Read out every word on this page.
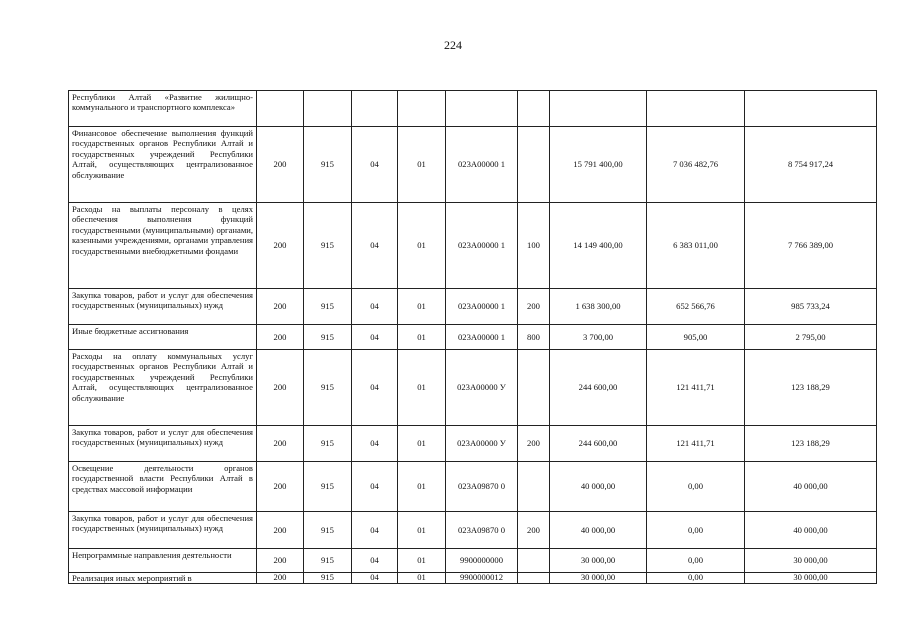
224
Республики Алтай «Развитие жилищно-коммунального и транспортного комплекса»									
Финансовое обеспечение выполнения функций государственных органов Республики Алтай и государственных учреждений Республики Алтай, осуществляющих централизованное обслуживание	200	915	04	01	023А00000 1		15 791 400,00	7 036 482,76	8 754 917,24
Расходы на выплаты персоналу в целях обеспечения выполнения функций государственными (муниципальными) органами, казенными учреждениями, органами управления государственными внебюджетными фондами	200	915	04	01	023А00000 1	100	14 149 400,00	6 383 011,00	7 766 389,00
Закупка товаров, работ и услуг для обеспечения государственных (муниципальных) нужд	200	915	04	01	023А00000 1	200	1 638 300,00	652 566,76	985 733,24
Иные бюджетные ассигнования	200	915	04	01	023А00000 1	800	3 700,00	905,00	2 795,00
Расходы на оплату коммунальных услуг государственных органов Республики Алтай и государственных учреждений Республики Алтай, осуществляющих централизованное обслуживание	200	915	04	01	023А00000 У		244 600,00	121 411,71	123 188,29
Закупка товаров, работ и услуг для обеспечения государственных (муниципальных) нужд	200	915	04	01	023А00000 У	200	244 600,00	121 411,71	123 188,29
Освещение деятельности органов государственной власти Республики Алтай в средствах массовой информации	200	915	04	01	023А09870 0		40 000,00	0,00	40 000,00
Закупка товаров, работ и услуг для обеспечения государственных (муниципальных) нужд	200	915	04	01	023А09870 0	200	40 000,00	0,00	40 000,00
Непрограммные направления деятельности	200	915	04	01	9900000000		30 000,00	0,00	30 000,00
Реализация иных мероприятий в	200	915	04	01	9900000012		30 000,00	0,00	30 000,00
